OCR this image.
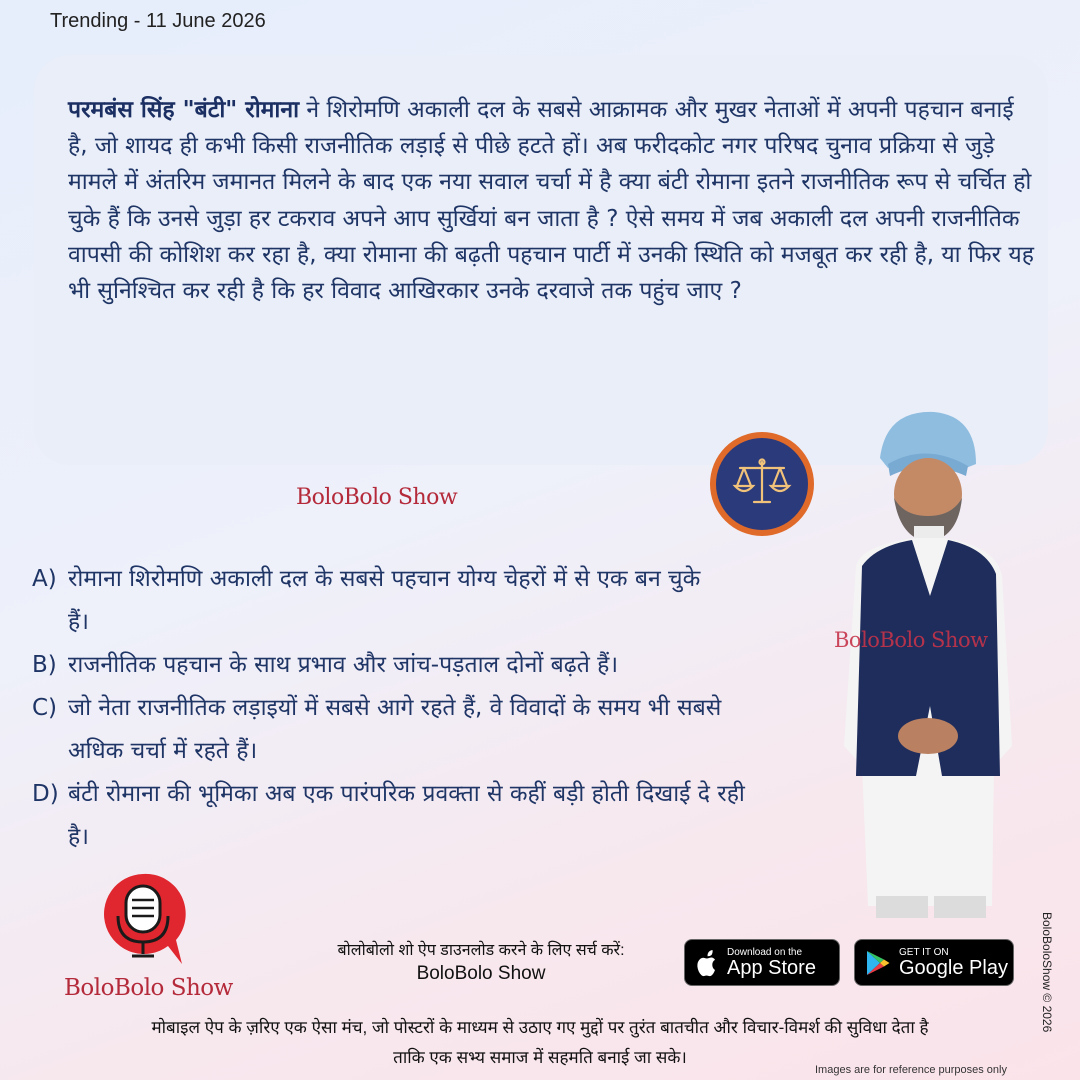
Trending - 11 June 2026
परमबंस सिंह "बंटी" रोमाना ने शिरोमणि अकाली दल के सबसे आक्रामक और मुखर नेताओं में अपनी पहचान बनाई है, जो शायद ही कभी किसी राजनीतिक लड़ाई से पीछे हटते हों। अब फरीदकोट नगर परिषद चुनाव प्रक्रिया से जुड़े मामले में अंतरिम जमानत मिलने के बाद एक नया सवाल चर्चा में है क्या बंटी रोमाना इतने राजनीतिक रूप से चर्चित हो चुके हैं कि उनसे जुड़ा हर टकराव अपने आप सुर्खियां बन जाता है ? ऐसे समय में जब अकाली दल अपनी राजनीतिक वापसी की कोशिश कर रहा है, क्या रोमाना की बढ़ती पहचान पार्टी में उनकी स्थिति को मजबूत कर रही है, या फिर यह भी सुनिश्चित कर रही है कि हर विवाद आखिरकार उनके दरवाजे तक पहुंच जाए ?
BoloBolo Show
A) रोमाना शिरोमणि अकाली दल के सबसे पहचान योग्य चेहरों में से एक बन चुके हैं।
B) राजनीतिक पहचान के साथ प्रभाव और जांच-पड़ताल दोनों बढ़ते हैं।
C) जो नेता राजनीतिक लड़ाइयों में सबसे आगे रहते हैं, वे विवादों के समय भी सबसे अधिक चर्चा में रहते हैं।
D) बंटी रोमाना की भूमिका अब एक पारंपरिक प्रवक्ता से कहीं बड़ी होती दिखाई दे रही है।
BoloBolo Show
BoloBolo Show
बोलोबोलो शो ऐप डाउनलोड करने के लिए सर्च करें:
BoloBolo Show
Download on the
App Store
GET IT ON
Google Play
मोबाइल ऐप के ज़रिए एक ऐसा मंच, जो पोस्टरों के माध्यम से उठाए गए मुद्दों पर तुरंत बातचीत और विचार-विमर्श की सुविधा देता है
ताकि एक सभ्य समाज में सहमति बनाई जा सके।
Images are for reference purposes only
BoloBoloShow © 2026
